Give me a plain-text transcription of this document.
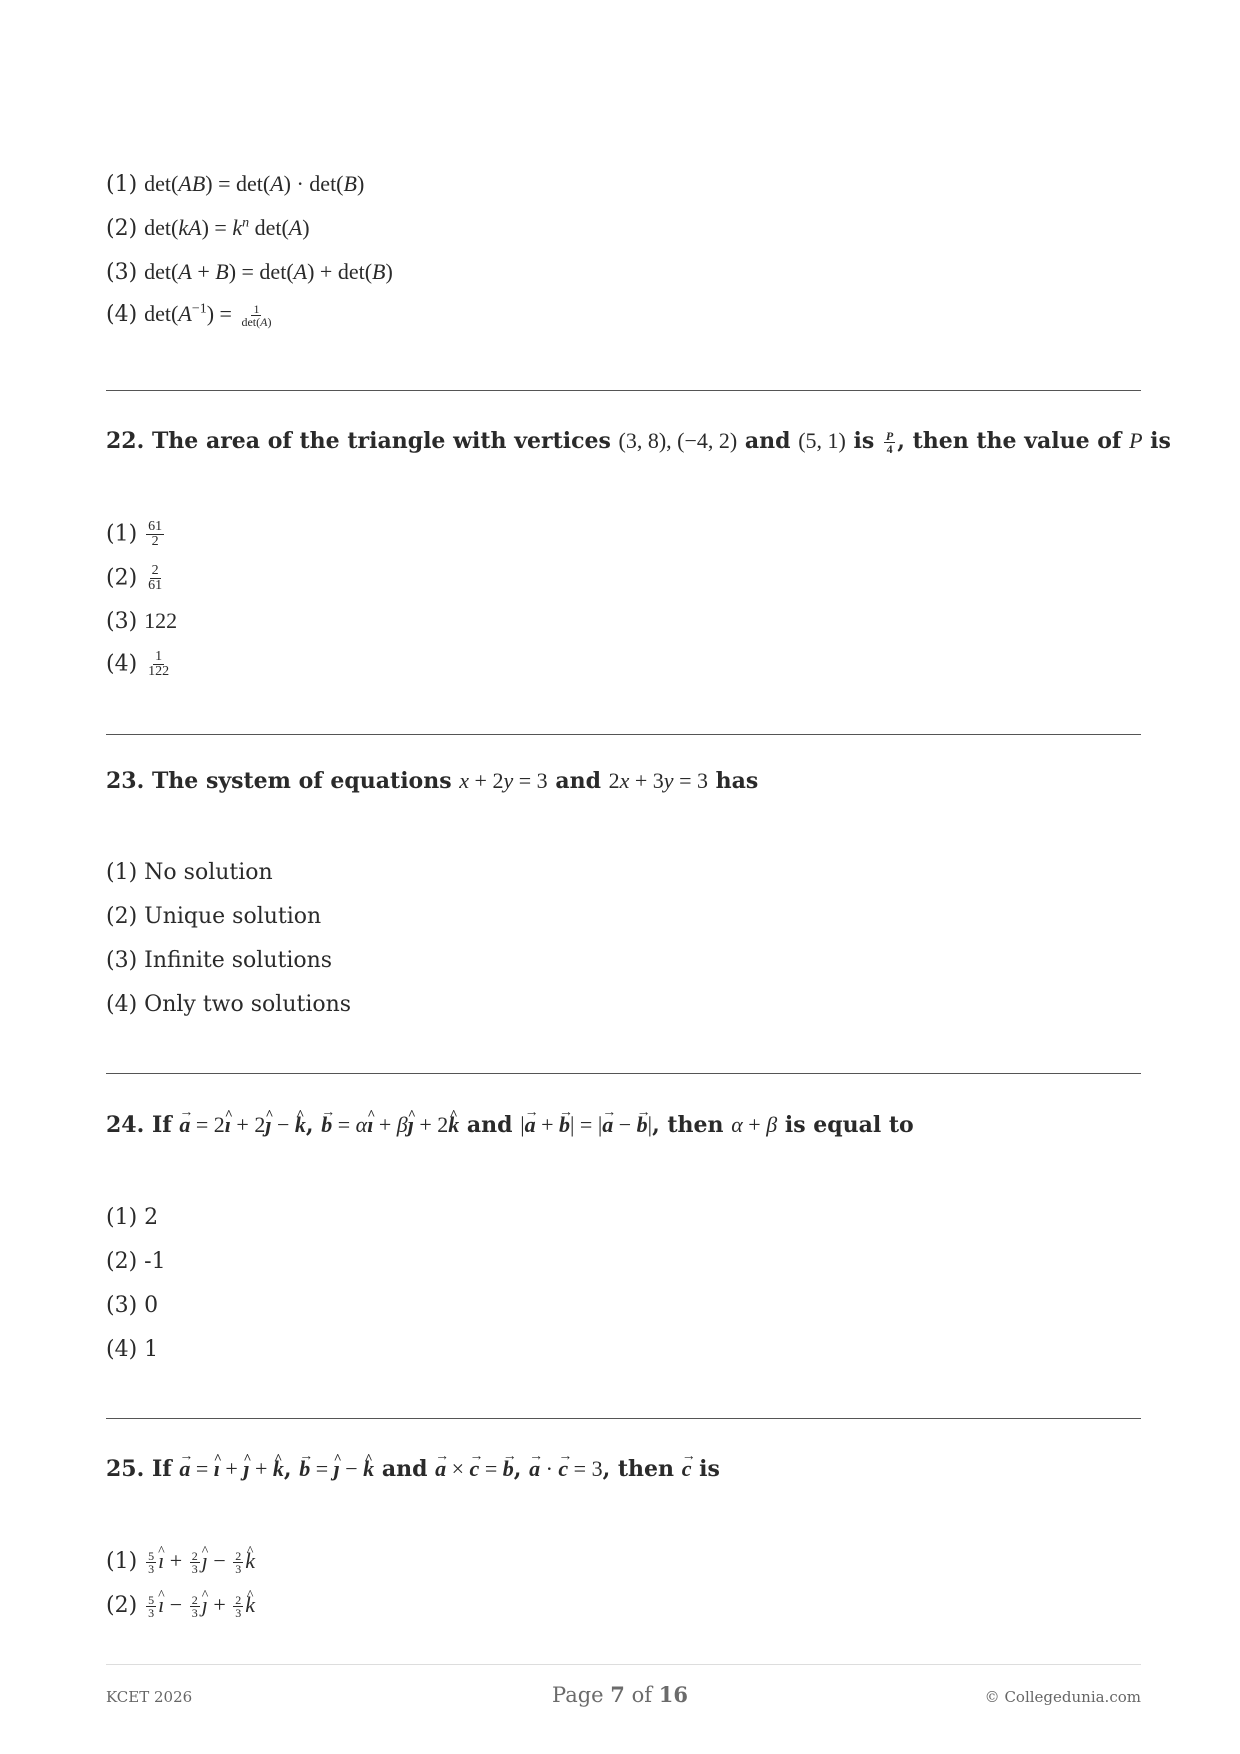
(1) det(AB) = det(A) · det(B)
(2) $\det(kA) = k^n$ det(A)
(3) det(A + B) = det(A) + det(B)
(4) $\det(A^{-1}) = \frac{1}{\det(A)}$
22. The area of the triangle with vertices (3, 8), (−4, 2) and (5, 1) is $\frac{P}{4}$ , then the value of P is
$(1) \frac{61}{2}$
$(2) \frac{2}{61}$
(3) 122
$(4) \frac{1}{122}$
23. The system of equations x + 2y = 3 and 2x + 3y = 3 has
(1) No solution
(2) Unique solution
(3) Infinite solutions
(4) Only two solutions
24. If → a = 2^ ı + 2^ ȷ − ^ k, → b = α^ ı + β^ ȷ + 2^ k and |→ a + → b| = |→ a − → b|, then α + β is equal to
(1) 2
(2) -1
(3) 0
(4) 1
25. If → a = ^ ı + ^ ȷ + ^ k, → b = ^ ȷ − ^ k and → a × → c = → b, → a · → c = 3, then → c is
$(1) \frac{5}{3}$ ^ ı + $\frac{2}{3}$ ^ ȷ − $\frac{2}{3}$ ^ k
$(2) \frac{5}{3}$ ^ ı − $\frac{2}{3}$ ^ ȷ + $\frac{2}{3}$ ^ k
KCET 2026	Page 7 of 16	© Collegedunia.com
